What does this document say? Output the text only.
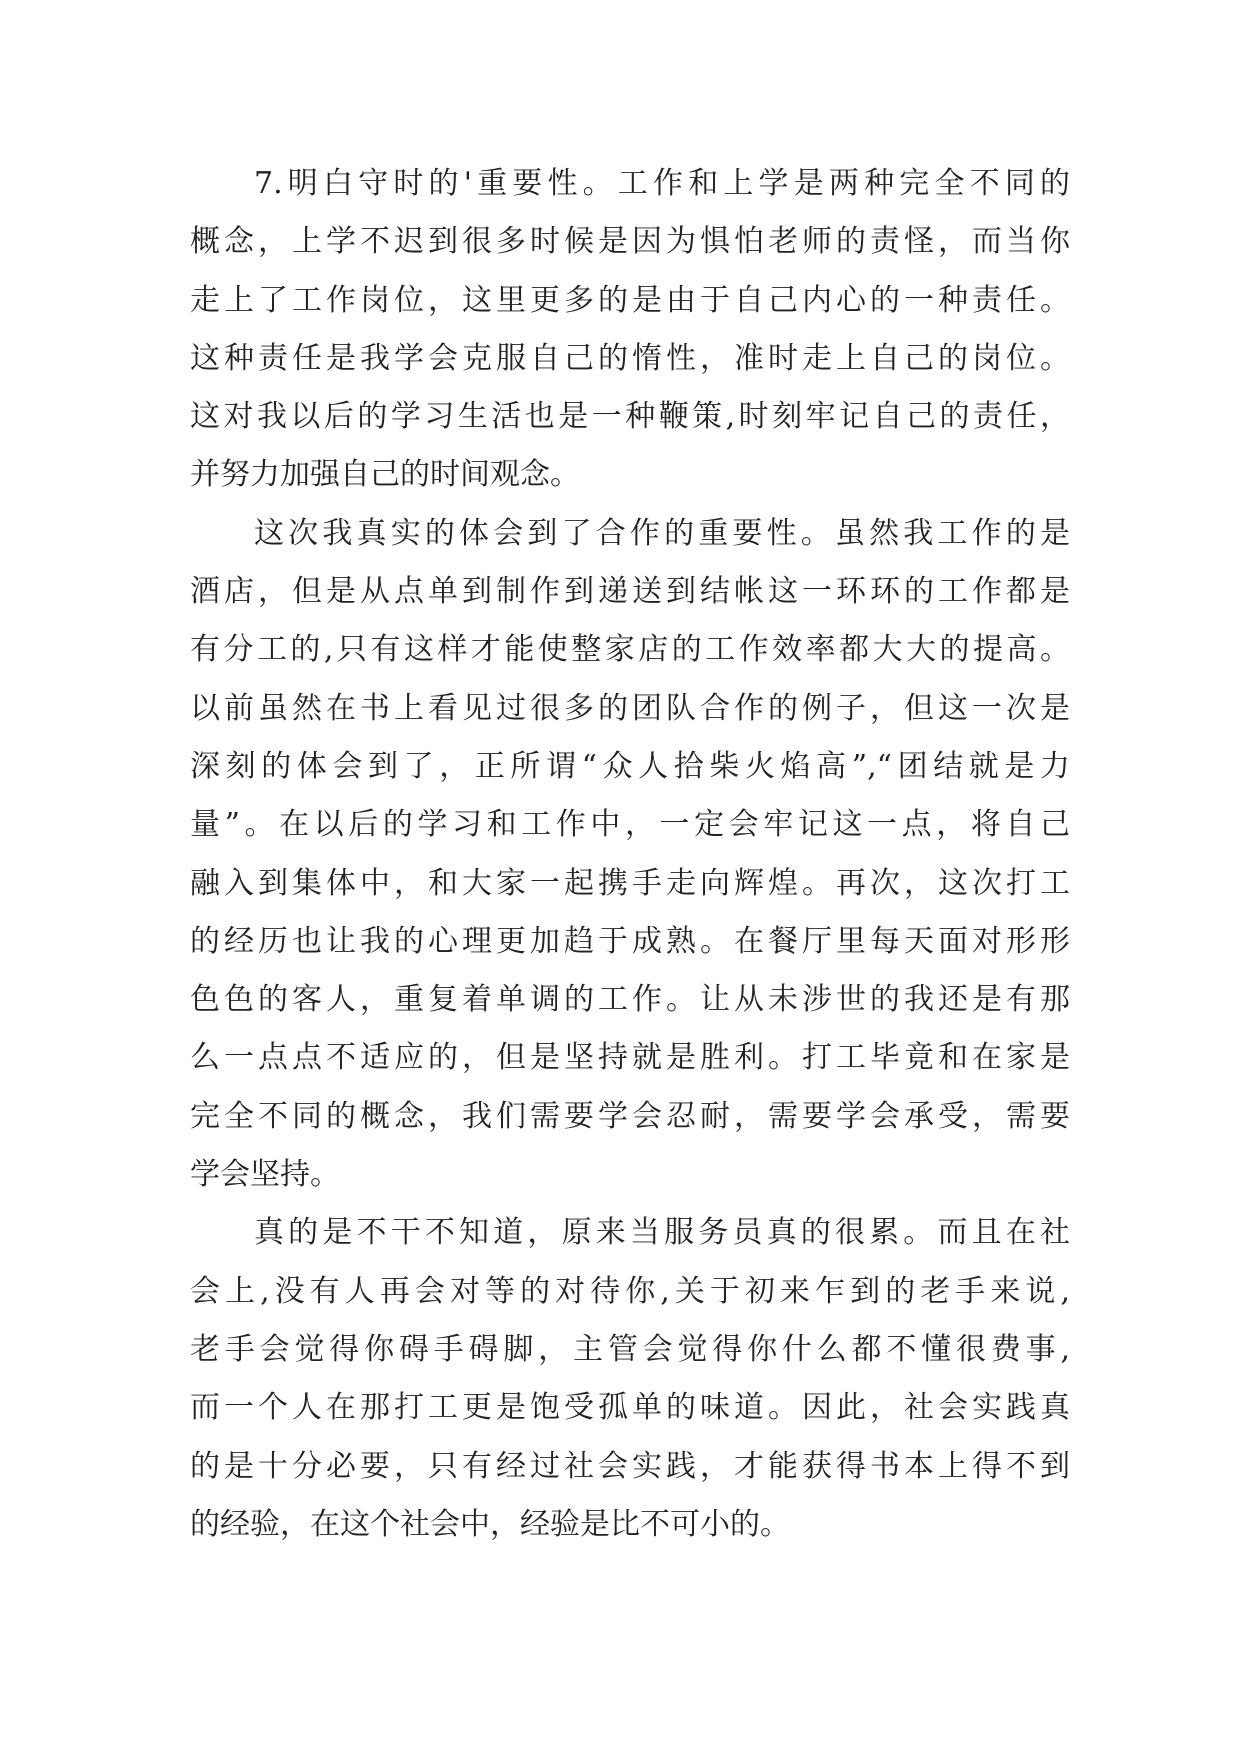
7.明白守时的'重要性。工作和上学是两种完全不同的
概念，上学不迟到很多时候是因为惧怕老师的责怪，而当你
走上了工作岗位，这里更多的是由于自己内心的一种责任。
这种责任是我学会克服自己的惰性，准时走上自己的岗位。
这对我以后的学习生活也是一种鞭策,时刻牢记自己的责任，
并努力加强自己的时间观念。
这次我真实的体会到了合作的重要性。虽然我工作的是
酒店，但是从点单到制作到递送到结帐这一环环的工作都是
有分工的,只有这样才能使整家店的工作效率都大大的提高。
以前虽然在书上看见过很多的团队合作的例子，但这一次是
深刻的体会到了，正所谓“众人拾柴火焰高”,“团结就是力
量”。在以后的学习和工作中，一定会牢记这一点，将自己
融入到集体中，和大家一起携手走向辉煌。再次，这次打工
的经历也让我的心理更加趋于成熟。在餐厅里每天面对形形
色色的客人，重复着单调的工作。让从未涉世的我还是有那
么一点点不适应的，但是坚持就是胜利。打工毕竟和在家是
完全不同的概念，我们需要学会忍耐，需要学会承受，需要
学会坚持。
真的是不干不知道，原来当服务员真的很累。而且在社
会上,没有人再会对等的对待你,关于初来乍到的老手来说,
老手会觉得你碍手碍脚，主管会觉得你什么都不懂很费事,
而一个人在那打工更是饱受孤单的味道。因此，社会实践真
的是十分必要，只有经过社会实践，才能获得书本上得不到
的经验，在这个社会中，经验是比不可小的。
